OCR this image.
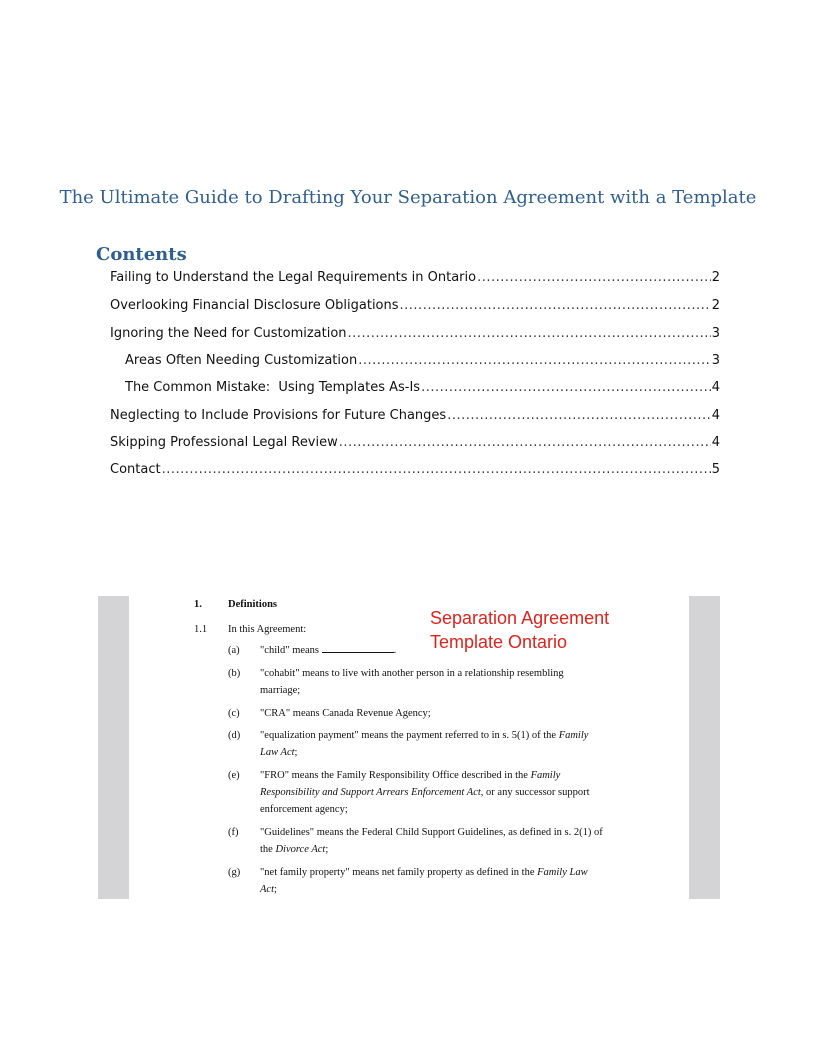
The Ultimate Guide to Drafting Your Separation Agreement with a Template
Contents
Failing to Understand the Legal Requirements in Ontario .....	2
Overlooking Financial Disclosure Obligations .....	2
Ignoring the Need for Customization .....	3
Areas Often Needing Customization .....	3
The Common Mistake:  Using Templates As-Is .....	4
Neglecting to Include Provisions for Future Changes .....	4
Skipping Professional Legal Review .....	4
Contact .....	5
Separation Agreement
Template Ontario
1. Definitions
1.1 In this Agreement:
(a) "child" means	.
(b) "cohabit" means to live with another person in a relationship resembling
marriage;
(c) "CRA" means Canada Revenue Agency;
(d) "equalization payment" means the payment referred to in s. 5(1) of the Family
Law Act;
(e) "FRO" means the Family Responsibility Office described in the Family
Responsibility and Support Arrears Enforcement Act, or any successor support
enforcement agency;
(f) "Guidelines" means the Federal Child Support Guidelines, as defined in s. 2(1) of
the Divorce Act;
(g) "net family property" means net family property as defined in the Family Law
Act;
